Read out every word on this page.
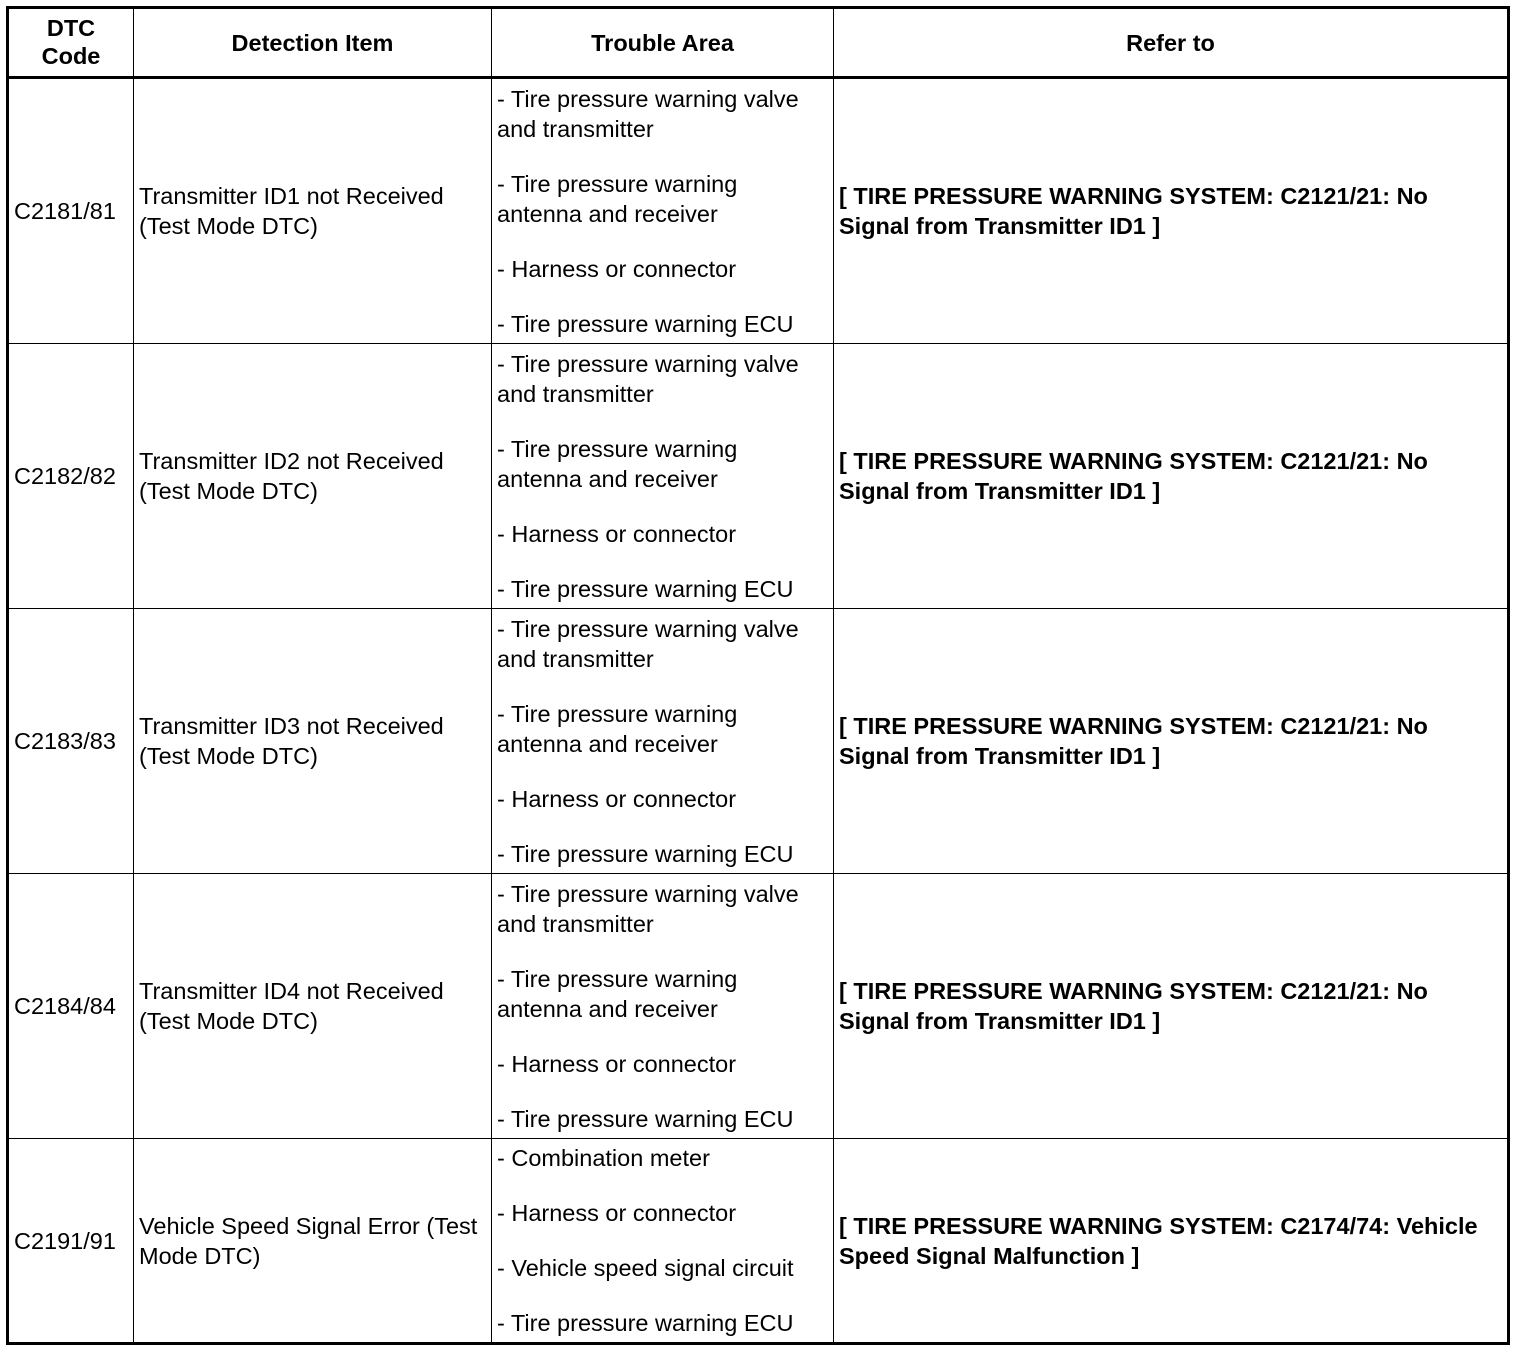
DTC Code	Detection Item	Trouble Area	Refer to
C2181/81	Transmitter ID1 not Received (Test Mode DTC)	- Tire pressure warning valve and transmitter
- Tire pressure warning antenna and receiver
- Harness or connector
- Tire pressure warning ECU	[ TIRE PRESSURE WARNING SYSTEM: C2121/21: No Signal from Transmitter ID1 ]
C2182/82	Transmitter ID2 not Received (Test Mode DTC)	- Tire pressure warning valve and transmitter
- Tire pressure warning antenna and receiver
- Harness or connector
- Tire pressure warning ECU	[ TIRE PRESSURE WARNING SYSTEM: C2121/21: No Signal from Transmitter ID1 ]
C2183/83	Transmitter ID3 not Received (Test Mode DTC)	- Tire pressure warning valve and transmitter
- Tire pressure warning antenna and receiver
- Harness or connector
- Tire pressure warning ECU	[ TIRE PRESSURE WARNING SYSTEM: C2121/21: No Signal from Transmitter ID1 ]
C2184/84	Transmitter ID4 not Received (Test Mode DTC)	- Tire pressure warning valve and transmitter
- Tire pressure warning antenna and receiver
- Harness or connector
- Tire pressure warning ECU	[ TIRE PRESSURE WARNING SYSTEM: C2121/21: No Signal from Transmitter ID1 ]
C2191/91	Vehicle Speed Signal Error (Test Mode DTC)	- Combination meter
- Harness or connector
- Vehicle speed signal circuit
- Tire pressure warning ECU	[ TIRE PRESSURE WARNING SYSTEM: C2174/74: Vehicle Speed Signal Malfunction ]
